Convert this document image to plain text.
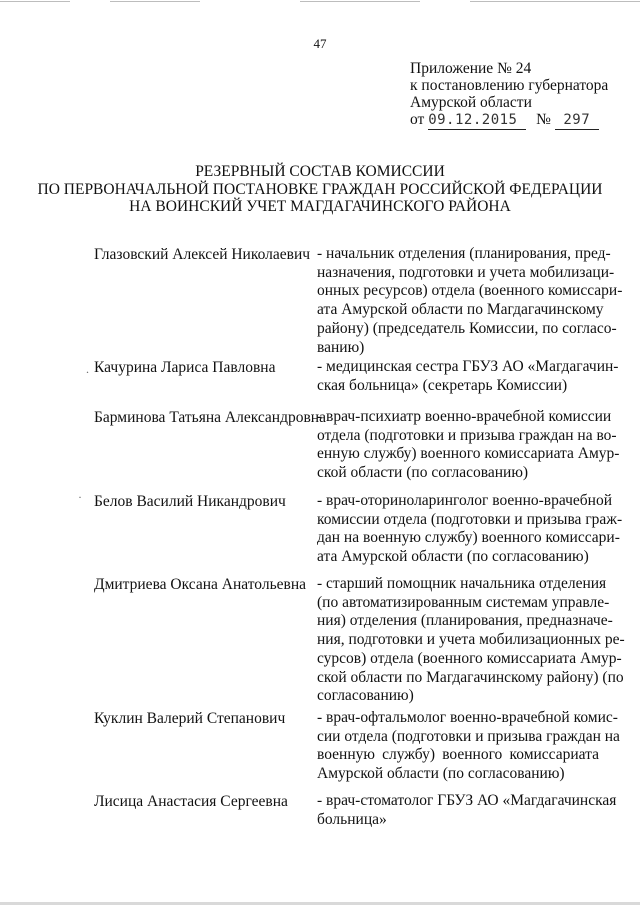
47
Приложение № 24
к постановлению губернатора
Амурской области
от 09.12.2015 № 297
РЕЗЕРВНЫЙ СОСТАВ КОМИССИИ
ПО ПЕРВОНАЧАЛЬНОЙ ПОСТАНОВКЕ ГРАЖДАН РОССИЙСКОЙ ФЕДЕРАЦИИ
НА ВОИНСКИЙ УЧЕТ МАГДАГАЧИНСКОГО РАЙОНА
Глазовский Алексей Николаевич - начальник отделения (планирования, пред-
назначения, подготовки и учета мобилизаци-
онных ресурсов) отдела (военного комиссари-
ата Амурской области по Магдагачинскому
району) (председатель Комиссии, по согласо-
ванию)
. Качурина Лариса Павловна	- медицинская сестра ГБУЗ АО «Магдагачин-
ская больница» (секретарь Комиссии)
Барминова Татьяна Александровна
- врач-психиатр военно-врачебной комиссии
отдела (подготовки и призыва граждан на во-
енную службу) военного комиссариата Амур-
ской области (по согласованию)
· Белов Василий Никандрович - врач-оториноларинголог военно-врачебной
комиссии отдела (подготовки и призыва граж-
дан на военную службу) военного комиссари-
ата Амурской области (по согласованию)
Дмитриева Оксана Анатольевна - старший помощник начальника отделения
(по автоматизированным системам управле-
ния) отделения (планирования, предназначе-
ния, подготовки и учета мобилизационных ре-
сурсов) отдела (военного комиссариата Амур-
ской области по Магдагачинскому району) (по
согласованию)
Куклин Валерий Степанович - врач-офтальмолог военно-врачебной комис-
сии отдела (подготовки и призыва граждан на
военную службу) военного комиссариата
Амурской области (по согласованию)
Лисица Анастасия Сергеевна - врач-стоматолог ГБУЗ АО «Магдагачинская
больница»
